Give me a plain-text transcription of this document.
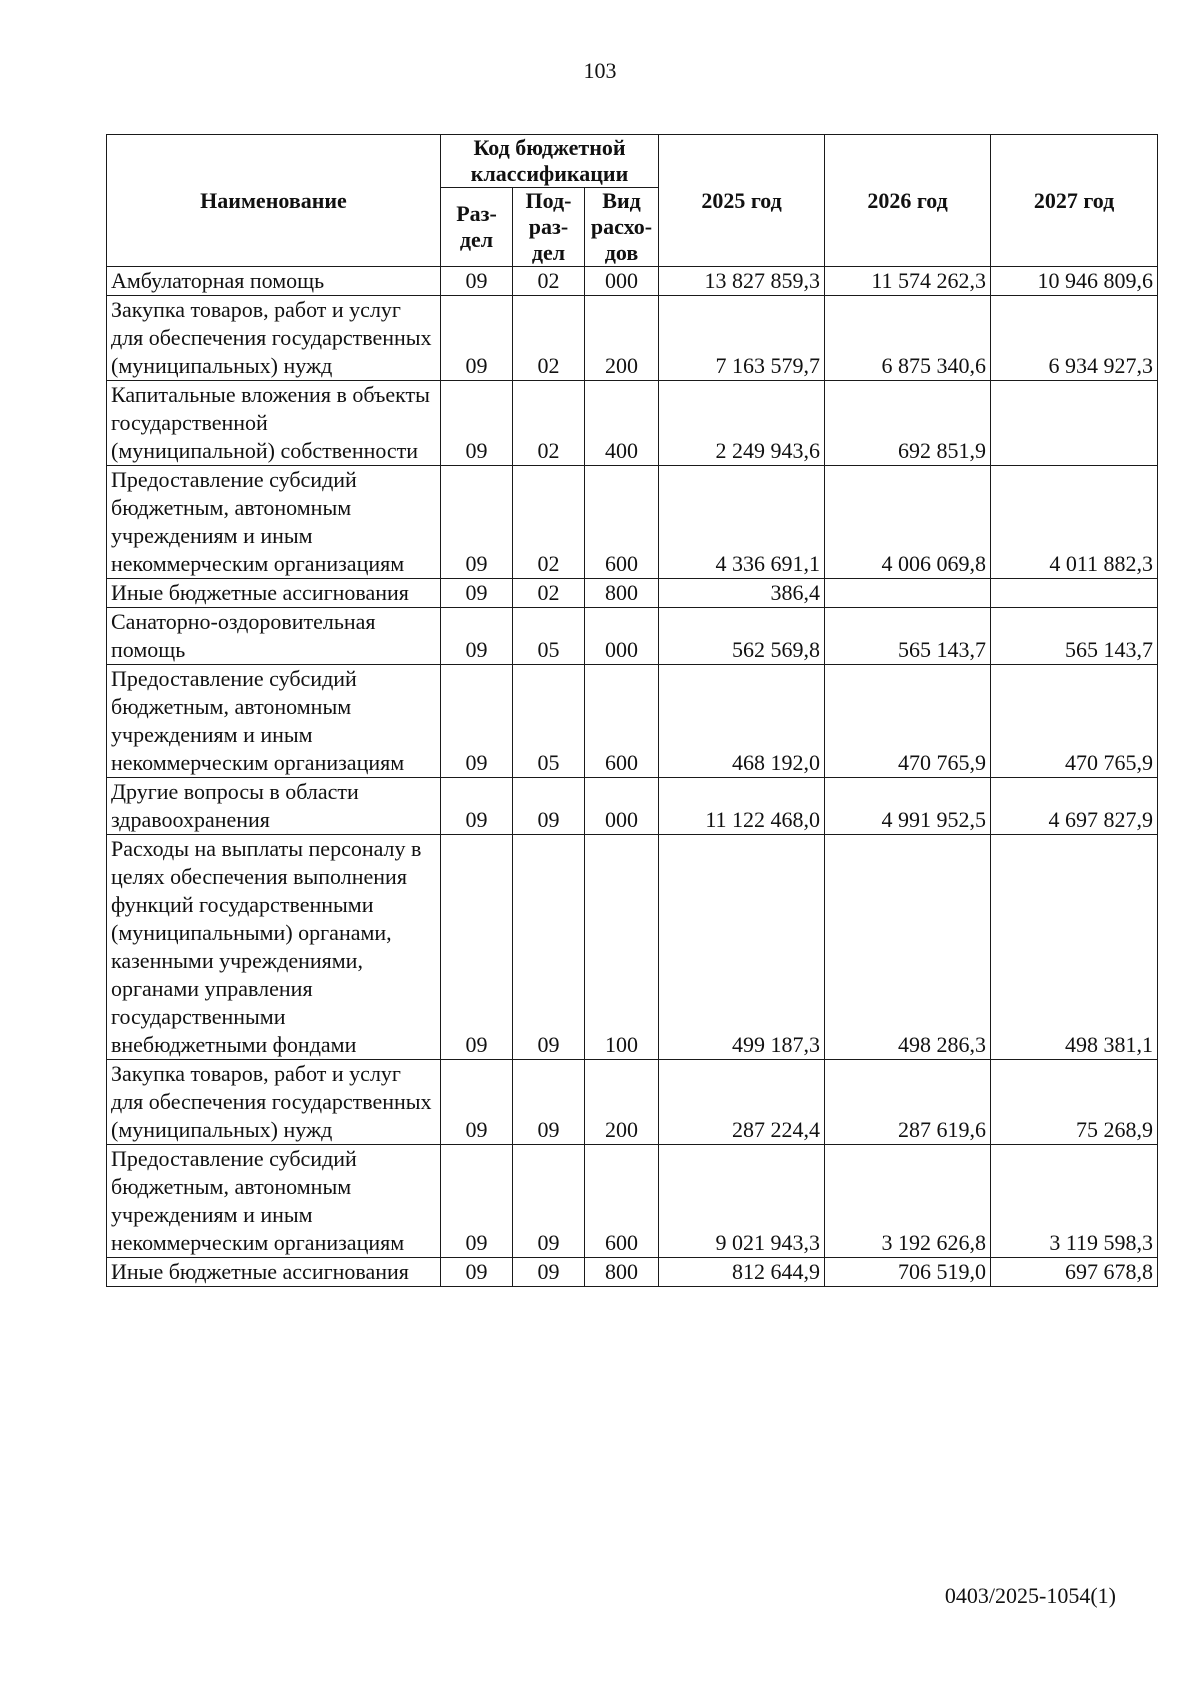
103
Наименование	Код бюджетной классификации			2025 год	2026 год	2027 год
	Раз-дел	Под-раз-дел	Вид расхо-дов			
Амбулаторная помощь	09	02	000	13 827 859,3	11 574 262,3	10 946 809,6
Закупка товаров, работ и услуг для обеспечения государственных (муниципальных) нужд	09	02	200	7 163 579,7	6 875 340,6	6 934 927,3
Капитальные вложения в объекты государственной (муниципальной) собственности	09	02	400	2 249 943,6	692 851,9	
Предоставление субсидий бюджетным, автономным учреждениям и иным некоммерческим организациям	09	02	600	4 336 691,1	4 006 069,8	4 011 882,3
Иные бюджетные ассигнования	09	02	800	386,4		
Санаторно-оздоровительная помощь	09	05	000	562 569,8	565 143,7	565 143,7
Предоставление субсидий бюджетным, автономным учреждениям и иным некоммерческим организациям	09	05	600	468 192,0	470 765,9	470 765,9
Другие вопросы в области здравоохранения	09	09	000	11 122 468,0	4 991 952,5	4 697 827,9
Расходы на выплаты персоналу в целях обеспечения выполнения функций государственными (муниципальными) органами, казенными учреждениями, органами управления государственными внебюджетными фондами	09	09	100	499 187,3	498 286,3	498 381,1
Закупка товаров, работ и услуг для обеспечения государственных (муниципальных) нужд	09	09	200	287 224,4	287 619,6	75 268,9
Предоставление субсидий бюджетным, автономным учреждениям и иным некоммерческим организациям	09	09	600	9 021 943,3	3 192 626,8	3 119 598,3
Иные бюджетные ассигнования	09	09	800	812 644,9	706 519,0	697 678,8
0403/2025-1054(1)
